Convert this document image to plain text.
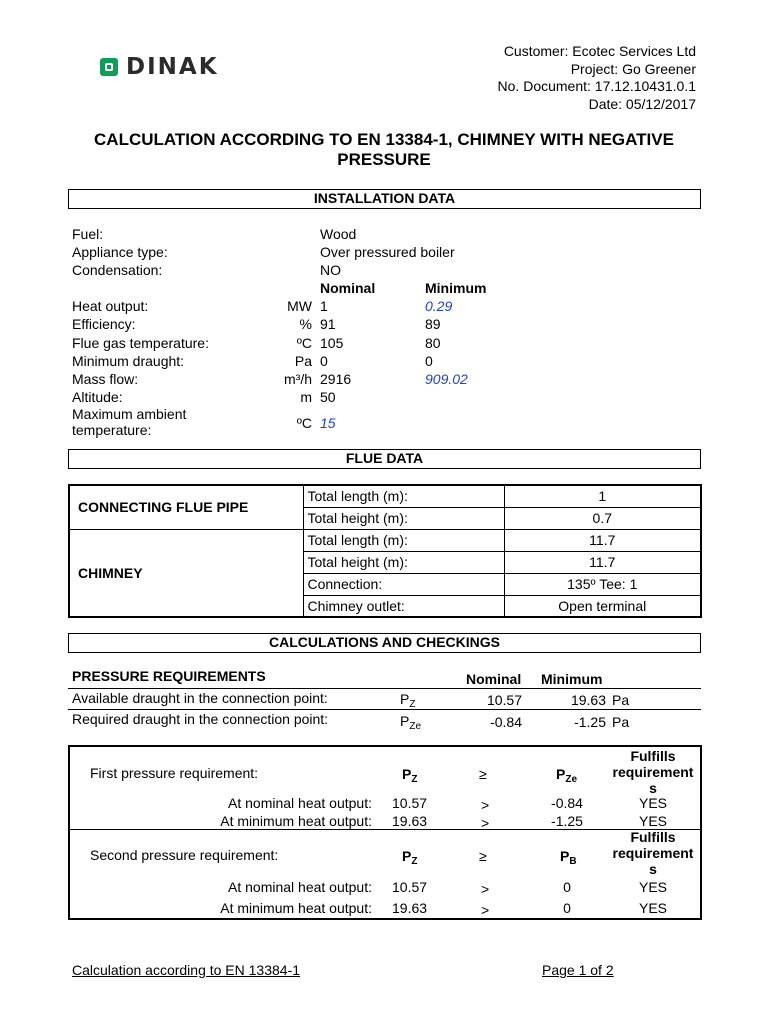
DINAK
Customer: Ecotec Services Ltd
Project: Go Greener
No. Document: 17.12.10431.0.1
Date: 05/12/2017
CALCULATION ACCORDING TO EN 13384-1, CHIMNEY WITH NEGATIVE
PRESSURE
INSTALLATION DATA
Fuel:	Wood
Appliance type:	Over pressured boiler
Condensation:	NO
Nominal	Minimum
Heat output:	MW 1	0.29
Efficiency:	% 91	89
Flue gas temperature:	ºC 105	80
Minimum draught:	Pa 0	0
Mass flow:	m³/h 2916	909.02
Altitude:	m 50
Maximum ambient
temperature:	ºC 15
FLUE DATA
CONNECTING FLUE PIPE	Total length (m):	1
	Total height (m):	0.7
CHIMNEY	Total length (m):	11.7
	Total height (m):	11.7
	Connection:	135º Tee: 1
	Chimney outlet:	Open terminal
CALCULATIONS AND CHECKINGS
PRESSURE REQUIREMENTS	Nominal Minimum
Available draught in the connection point:	$P_Z$	10.57	19.63 Pa
Required draught in the connection point:	$P_{Ze}$	-0.84	-1.25 Pa
First pressure requirement:	$P_Z$	≥	$P_{Ze}$
Fulfills
requirement
s
At nominal heat output: 10.57	>	-0.84	YES
At minimum heat output: 19.63	>	-1.25	YES
Second pressure requirement:	$P_Z$	≥	$P_B$
Fulfills
requirement
s
At nominal heat output: 10.57	>	0	YES
At minimum heat output: 19.63	>	0	YES
Calculation according to EN 13384-1	Page 1 of 2
